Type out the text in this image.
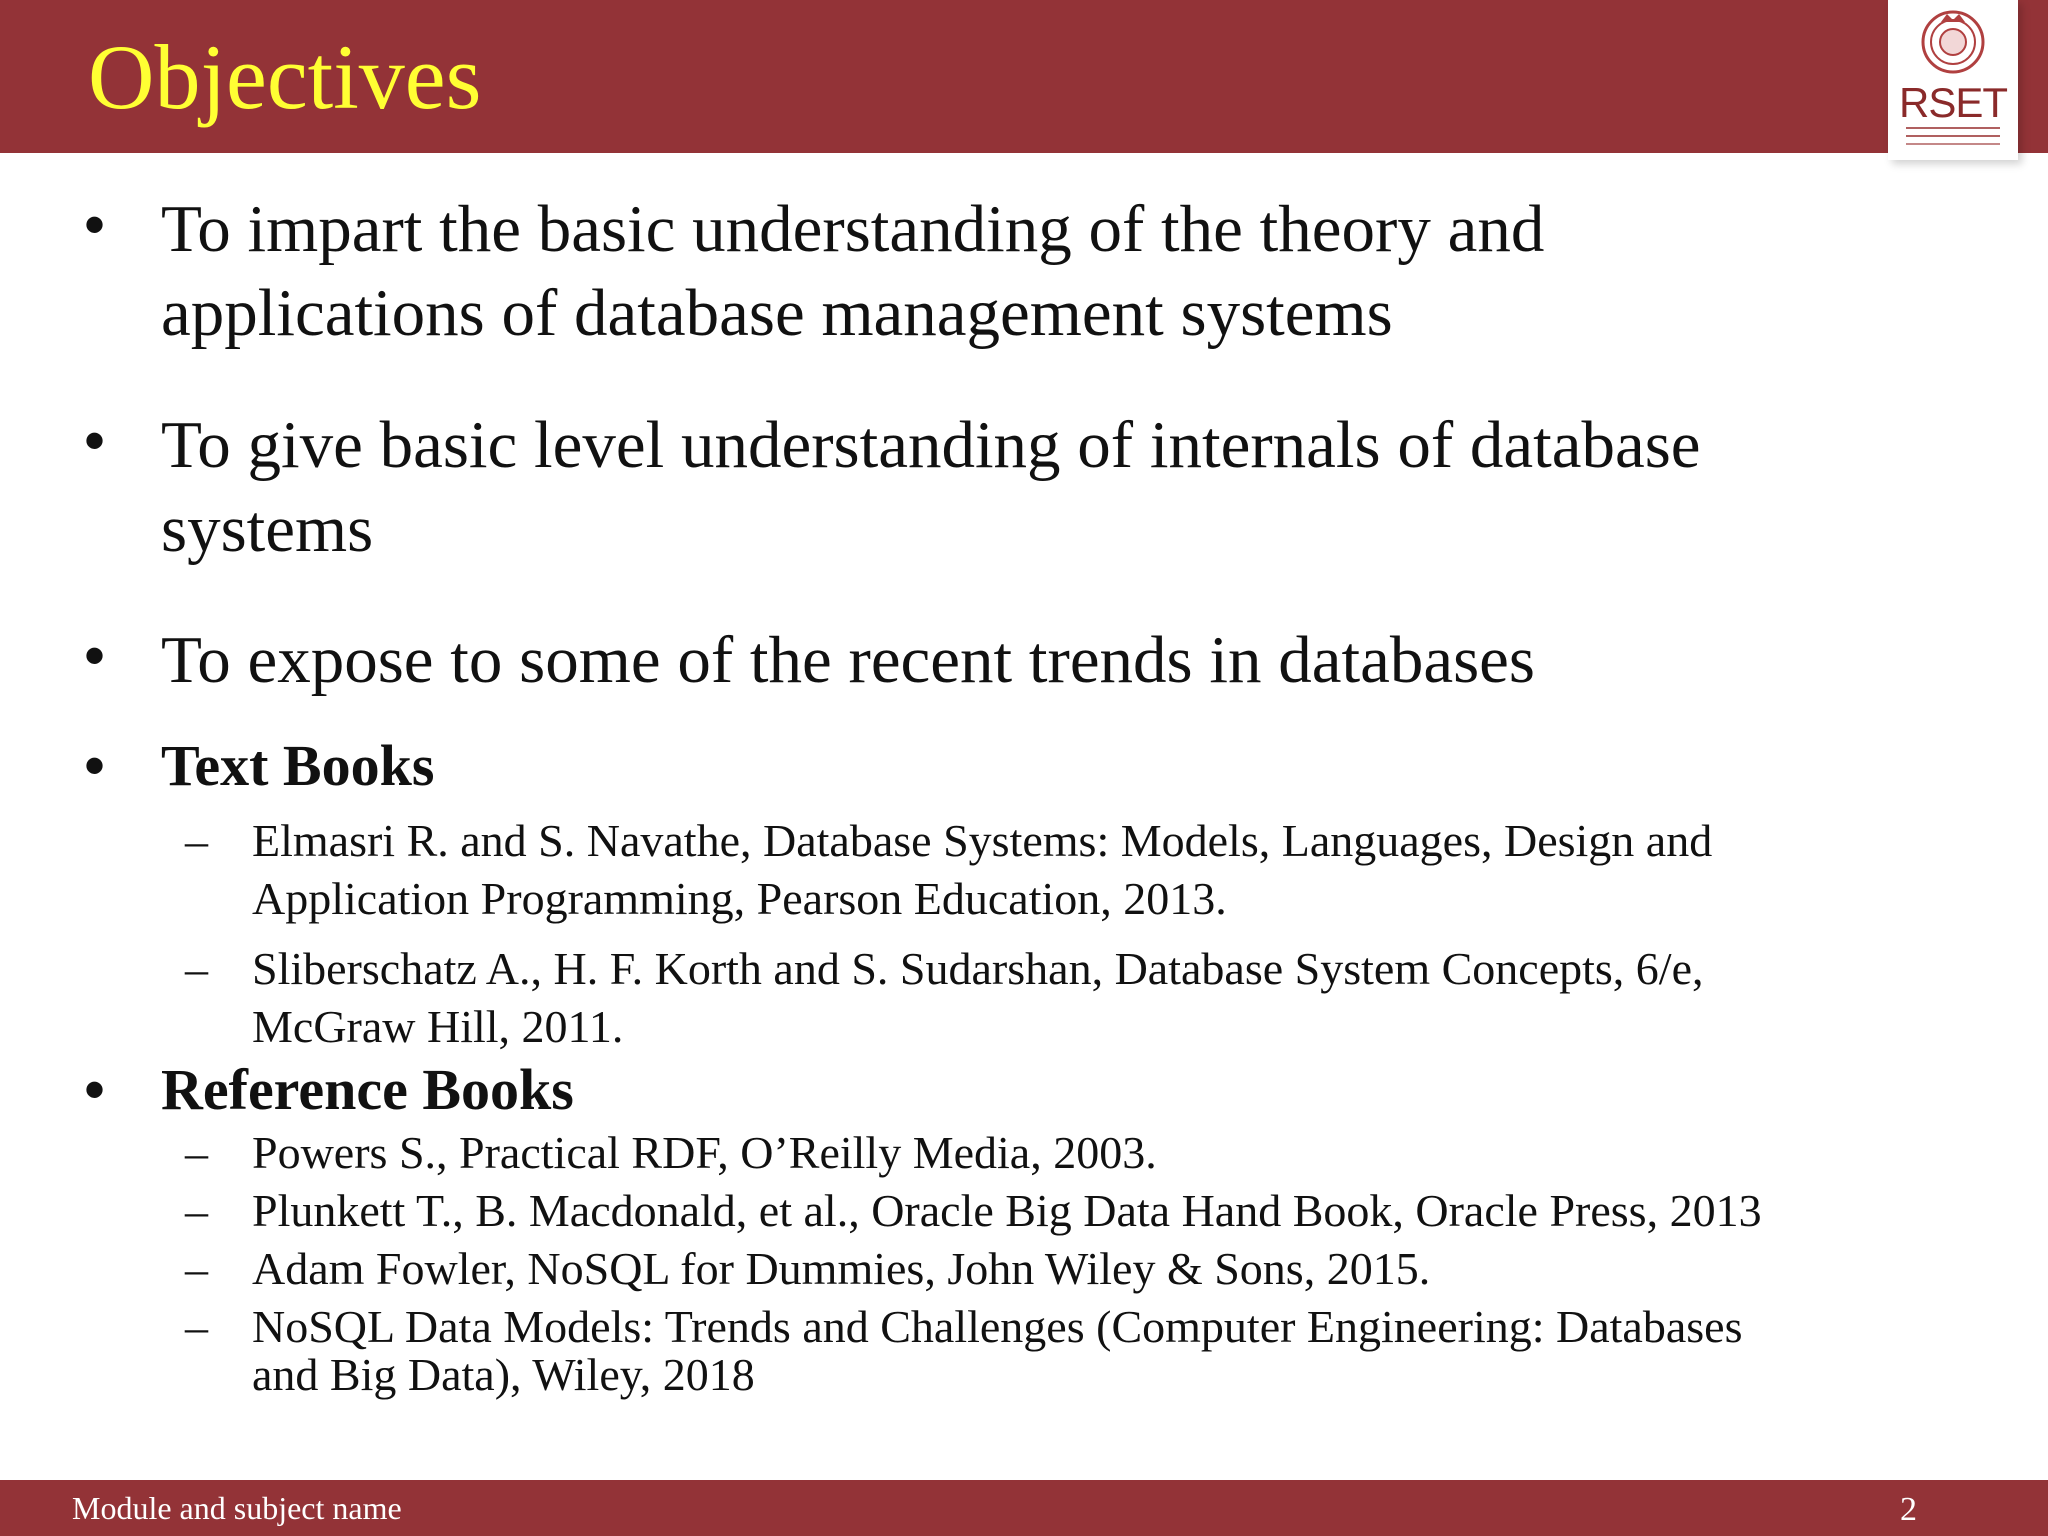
Objectives	RSET
• To impart the basic understanding of the theory and
applications of database management systems
• To give basic level understanding of internals of database
systems
• To expose to some of the recent trends in databases
• Text Books
– Elmasri R. and S. Navathe, Database Systems: Models, Languages, Design and
Application Programming, Pearson Education, 2013.
– Sliberschatz A., H. F. Korth and S. Sudarshan, Database System Concepts, 6/e,
McGraw Hill, 2011.
• Reference Books
– Powers S., Practical RDF, O’Reilly Media, 2003.
– Plunkett T., B. Macdonald, et al., Oracle Big Data Hand Book, Oracle Press, 2013
– Adam Fowler, NoSQL for Dummies, John Wiley & Sons, 2015.
– NoSQL Data Models: Trends and Challenges (Computer Engineering: Databases
and Big Data), Wiley, 2018
Module and subject name	2
